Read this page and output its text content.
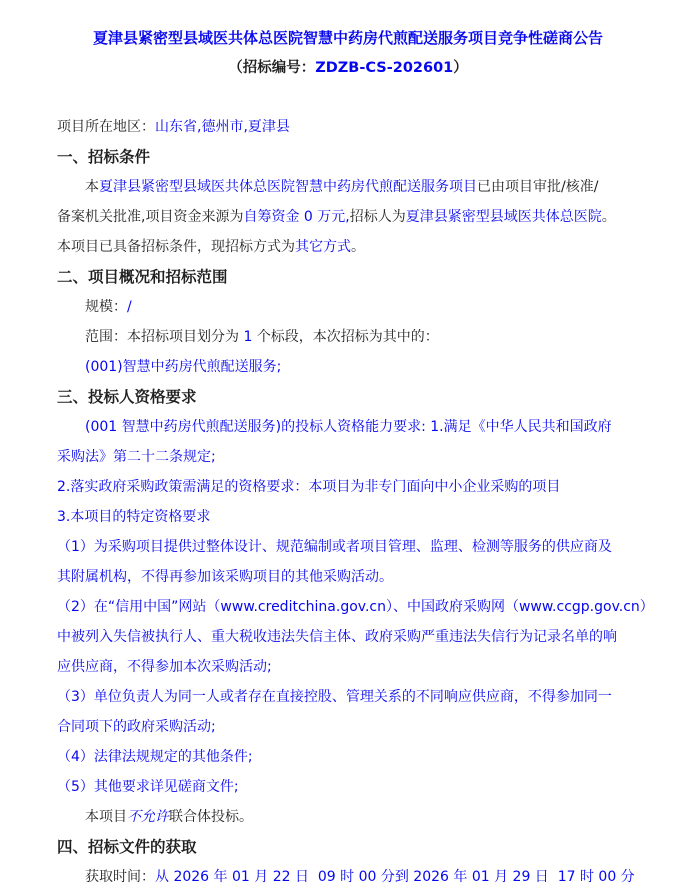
夏津县紧密型县域医共体总医院智慧中药房代煎配送服务项目竞争性磋商公告
（招标编号：ZDZB-CS-202601）
项目所在地区：山东省,德州市,夏津县
一、招标条件
本夏津县紧密型县域医共体总医院智慧中药房代煎配送服务项目已由项目审批/核准/
备案机关批准,项目资金来源为自筹资金 0 万元,招标人为夏津县紧密型县域医共体总医院。
本项目已具备招标条件，现招标方式为其它方式。
二、项目概况和招标范围
规模：/
范围：本招标项目划分为 1 个标段，本次招标为其中的：
(001)智慧中药房代煎配送服务;
三、投标人资格要求
(001 智慧中药房代煎配送服务)的投标人资格能力要求: 1.满足《中华人民共和国政府
采购法》第二十二条规定;
2.落实政府采购政策需满足的资格要求：本项目为非专门面向中小企业采购的项目
3.本项目的特定资格要求
（1）为采购项目提供过整体设计、规范编制或者项目管理、监理、检测等服务的供应商及
其附属机构，不得再参加该采购项目的其他采购活动。
（2）在“信用中国”网站（www.creditchina.gov.cn）、中国政府采购网（www.ccgp.gov.cn）
中被列入失信被执行人、重大税收违法失信主体、政府采购严重违法失信行为记录名单的响
应供应商，不得参加本次采购活动;
（3）单位负责人为同一人或者存在直接控股、管理关系的不同响应供应商，不得参加同一
合同项下的政府采购活动;
（4）法律法规规定的其他条件;
（5）其他要求详见磋商文件;
本项目不允许联合体投标。
四、招标文件的获取
获取时间：从 2026 年 01 月 22 日  09 时 00 分到 2026 年 01 月 29 日  17 时 00 分
